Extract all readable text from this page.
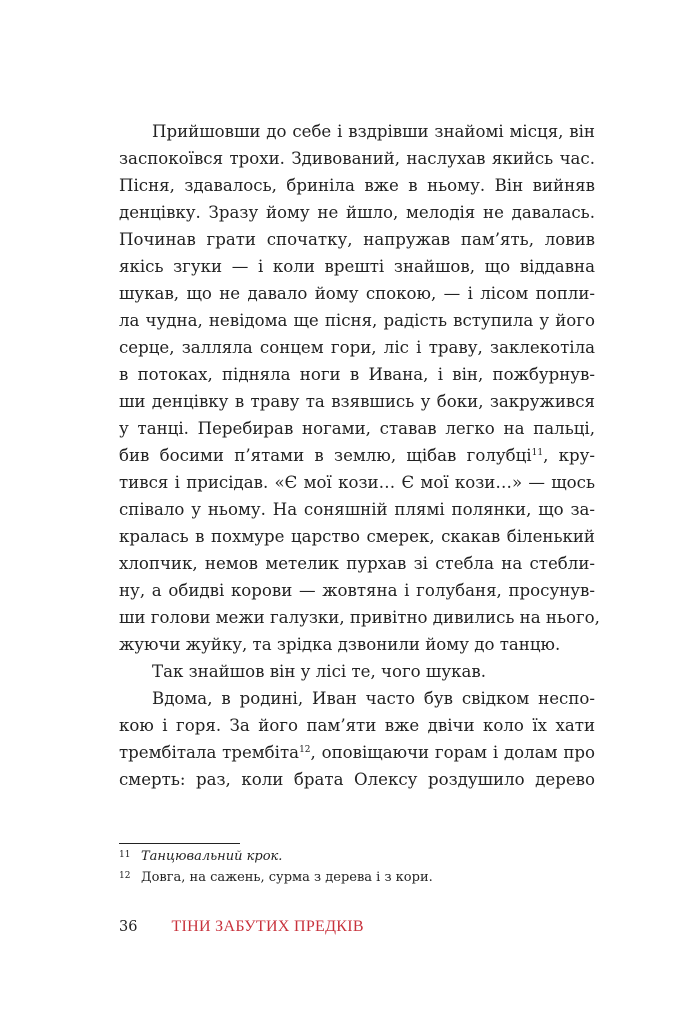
Прийшовши до себе і вздрівши знайомі місця, він
заспокоївся трохи. Здивований, наслухав якийсь час.
Пісня, здавалось, бриніла вже в ньому. Він вийняв
денцівку. Зразу йому не йшло, мелодія не давалась.
Починав грати спочатку, напружав пам’ять, ловив
якісь згуки — і коли врешті знайшов, що віддавна
шукав, що не давало йому спокою, — і лісом попли-
ла чудна, невідома ще пісня, радість вступила у його
серце, залляла сонцем гори, ліс і траву, заклекотіла
в потоках, підняла ноги в Ивана, і він, пожбурнув-
ши денцівку в траву та взявшись у боки, закружився
у танці. Перебирав ногами, ставав легко на пальці,
бив босими п’ятами в землю, щібав голубці$^{11}$, кру-
тився і присідав. «Є мої кози… Є мої кози…» — щось
співало у ньому. На соняшній плямі полянки, що за-
кралась в похмуре царство смерек, скакав біленький
хлопчик, немов метелик пурхав зі стебла на стебли-
ну, а обидві корови — жовтяна і голубаня, просунув-
ши голови межи галузки, привітно дивились на нього,
жуючи жуйку, та зрідка дзвонили йому до танцю.
Так знайшов він у лісі те, чого шукав.
Вдома, в родині, Иван часто був свідком неспо-
кою і горя. За його пам’яти вже двічи коло їх хати
трембітала трембіта$^{12}$, оповіщаючи горам і долам про
смерть: раз, коли брата Олексу роздушило дерево
11 Танцювальний крок.
12 Довга, на сажень, сурма з дерева і з кори.
36 ТІНИ ЗАБУТИХ ПРЕДКІВ
